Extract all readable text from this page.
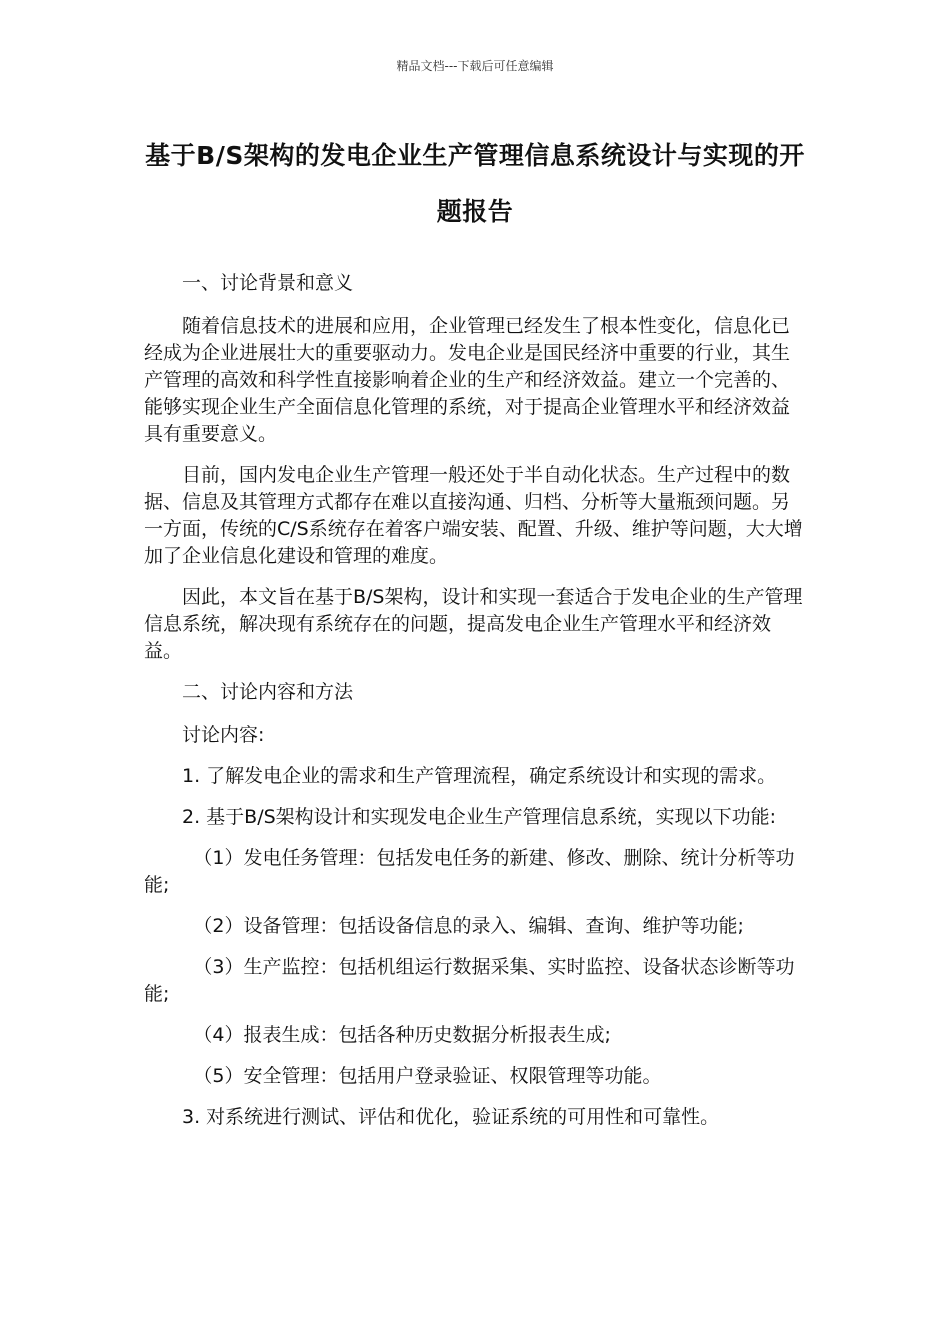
精品文档---下载后可任意编辑
基于B/S架构的发电企业生产管理信息系统设计与实现的开题报告

一、讨论背景和意义

随着信息技术的进展和应用，企业管理已经发生了根本性变化，信息化已经成为企业进展壮大的重要驱动力。发电企业是国民经济中重要的行业，其生产管理的高效和科学性直接影响着企业的生产和经济效益。建立一个完善的、能够实现企业生产全面信息化管理的系统，对于提高企业管理水平和经济效益具有重要意义。

目前，国内发电企业生产管理一般还处于半自动化状态。生产过程中的数据、信息及其管理方式都存在难以直接沟通、归档、分析等大量瓶颈问题。另一方面，传统的C/S系统存在着客户端安装、配置、升级、维护等问题，大大增加了企业信息化建设和管理的难度。

因此，本文旨在基于B/S架构，设计和实现一套适合于发电企业的生产管理信息系统，解决现有系统存在的问题，提高发电企业生产管理水平和经济效益。

二、讨论内容和方法

讨论内容:

1. 了解发电企业的需求和生产管理流程，确定系统设计和实现的需求。

2. 基于B/S架构设计和实现发电企业生产管理信息系统，实现以下功能:

（1）发电任务管理：包括发电任务的新建、修改、删除、统计分析等功能;

（2）设备管理：包括设备信息的录入、编辑、查询、维护等功能;

（3）生产监控：包括机组运行数据采集、实时监控、设备状态诊断等功能;

（4）报表生成：包括各种历史数据分析报表生成;

（5）安全管理：包括用户登录验证、权限管理等功能。

3. 对系统进行测试、评估和优化，验证系统的可用性和可靠性。
